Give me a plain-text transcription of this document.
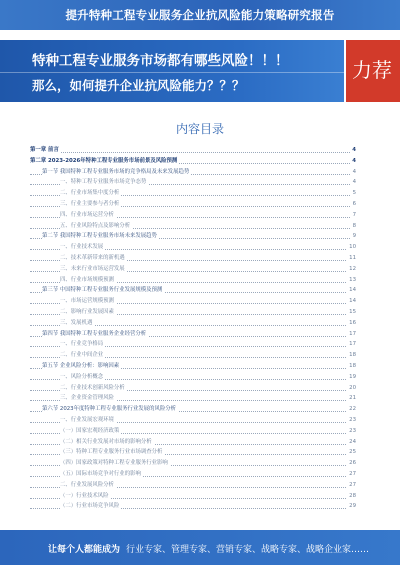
提升特种工程专业服务企业抗风险能力策略研究报告
特种工程专业服务市场都有哪些风险！！！
那么，如何提升企业抗风险能力？？？
力荐
内容目录
第一章 前言	4
第二章 2023-2026年特种工程专业服务市场前景及风险预测	4
第一节 我国特种工程专业服务市场的竞争格局及未来发展趋势	4
一、特种工程专业服务市场竞争态势	4
二、行业市场集中度分析	5
三、行业主要参与者分析	6
四、行业市场运营分析	7
五、行业风险特点及影响分析	8
第二节 我国特种工程专业服务市场未来发展趋势	9
一、行业技术发展	10
二、技术革新带来的新机遇	11
三、未来行业市场运营发展	12
四、行业市场规模预测	13
第三节 中国特种工程专业服务行业发展规模及预测	14
一、市场运营规模预测	14
二、影响行业发展因素	15
三、发展机遇	16
第四节 我国特种工程专业服务企业经营分析	17
一、行业竞争格局	17
二、行业中间企业	18
第五节 企业风险分析：影响因素	18
一、风险分析概念	19
二、行业技术创新风险分析	20
三、企业资金管理风险	21
第六节 2023年度特种工程专业服务行业发展的风险分析	22
一、行业发展宏观环境	23
（一）国家宏观经济政策	23
（二）相关行业发展对市场的影响分析	24
（三）特种工程专业服务行业市场调查分析	25
（四）国家政策对特种工程专业服务行业影响	26
（五）国际市场竞争对行业的影响	27
二、行业发展风险分析	27
（一）行业技术风险	28
（二）行业市场竞争风险	29
让每个人都能成为 行业专家、管理专家、营销专家、战略专家、战略企业家……
